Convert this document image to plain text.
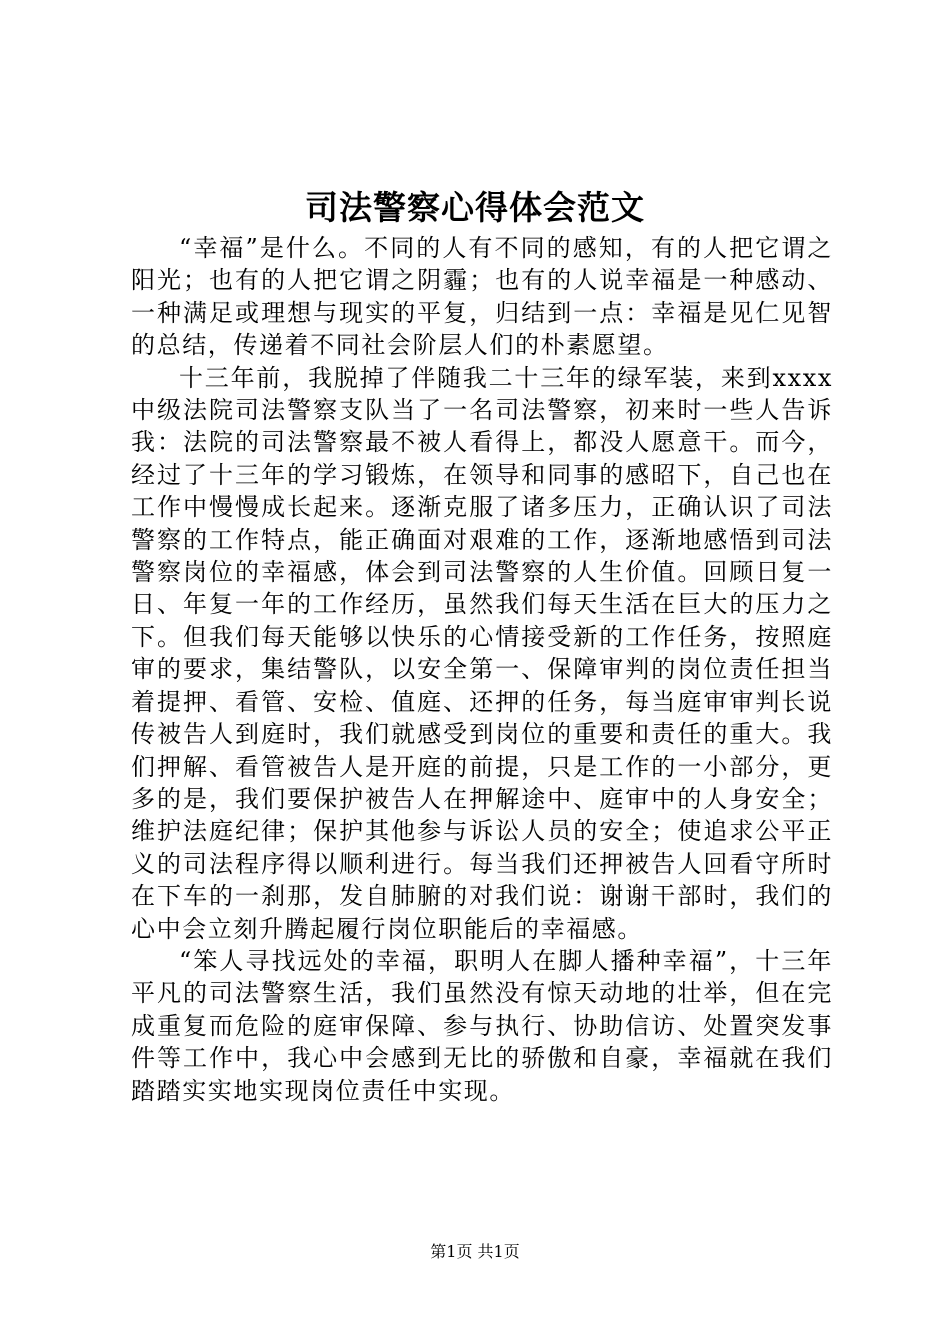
司法警察心得体会范文

“幸福”是什么。不同的人有不同的感知，有的人把它谓之阳光；也有的人把它谓之阴霾；也有的人说幸福是一种感动、一种满足或理想与现实的平复，归结到一点：幸福是见仁见智的总结，传递着不同社会阶层人们的朴素愿望。

十三年前，我脱掉了伴随我二十三年的绿军装，来到xxxx中级法院司法警察支队当了一名司法警察，初来时一些人告诉我：法院的司法警察最不被人看得上，都没人愿意干。而今，经过了十三年的学习锻炼，在领导和同事的感昭下，自己也在工作中慢慢成长起来。逐渐克服了诸多压力，正确认识了司法警察的工作特点，能正确面对艰难的工作，逐渐地感悟到司法警察岗位的幸福感，体会到司法警察的人生价值。回顾日复一日、年复一年的工作经历，虽然我们每天生活在巨大的压力之下。但我们每天能够以快乐的心情接受新的工作任务，按照庭审的要求，集结警队，以安全第一、保障审判的岗位责任担当着提押、看管、安检、值庭、还押的任务，每当庭审审判长说传被告人到庭时，我们就感受到岗位的重要和责任的重大。我们押解、看管被告人是开庭的前提，只是工作的一小部分，更多的是，我们要保护被告人在押解途中、庭审中的人身安全；维护法庭纪律；保护其他参与诉讼人员的安全；使追求公平正义的司法程序得以顺利进行。每当我们还押被告人回看守所时在下车的一刹那，发自肺腑的对我们说：谢谢干部时，我们的心中会立刻升腾起履行岗位职能后的幸福感。

“笨人寻找远处的幸福，职明人在脚人播种幸福”，十三年平凡的司法警察生活，我们虽然没有惊天动地的壮举，但在完成重复而危险的庭审保障、参与执行、协助信访、处置突发事件等工作中，我心中会感到无比的骄傲和自豪，幸福就在我们踏踏实实地实现岗位责任中实现。

第1页 共1页
